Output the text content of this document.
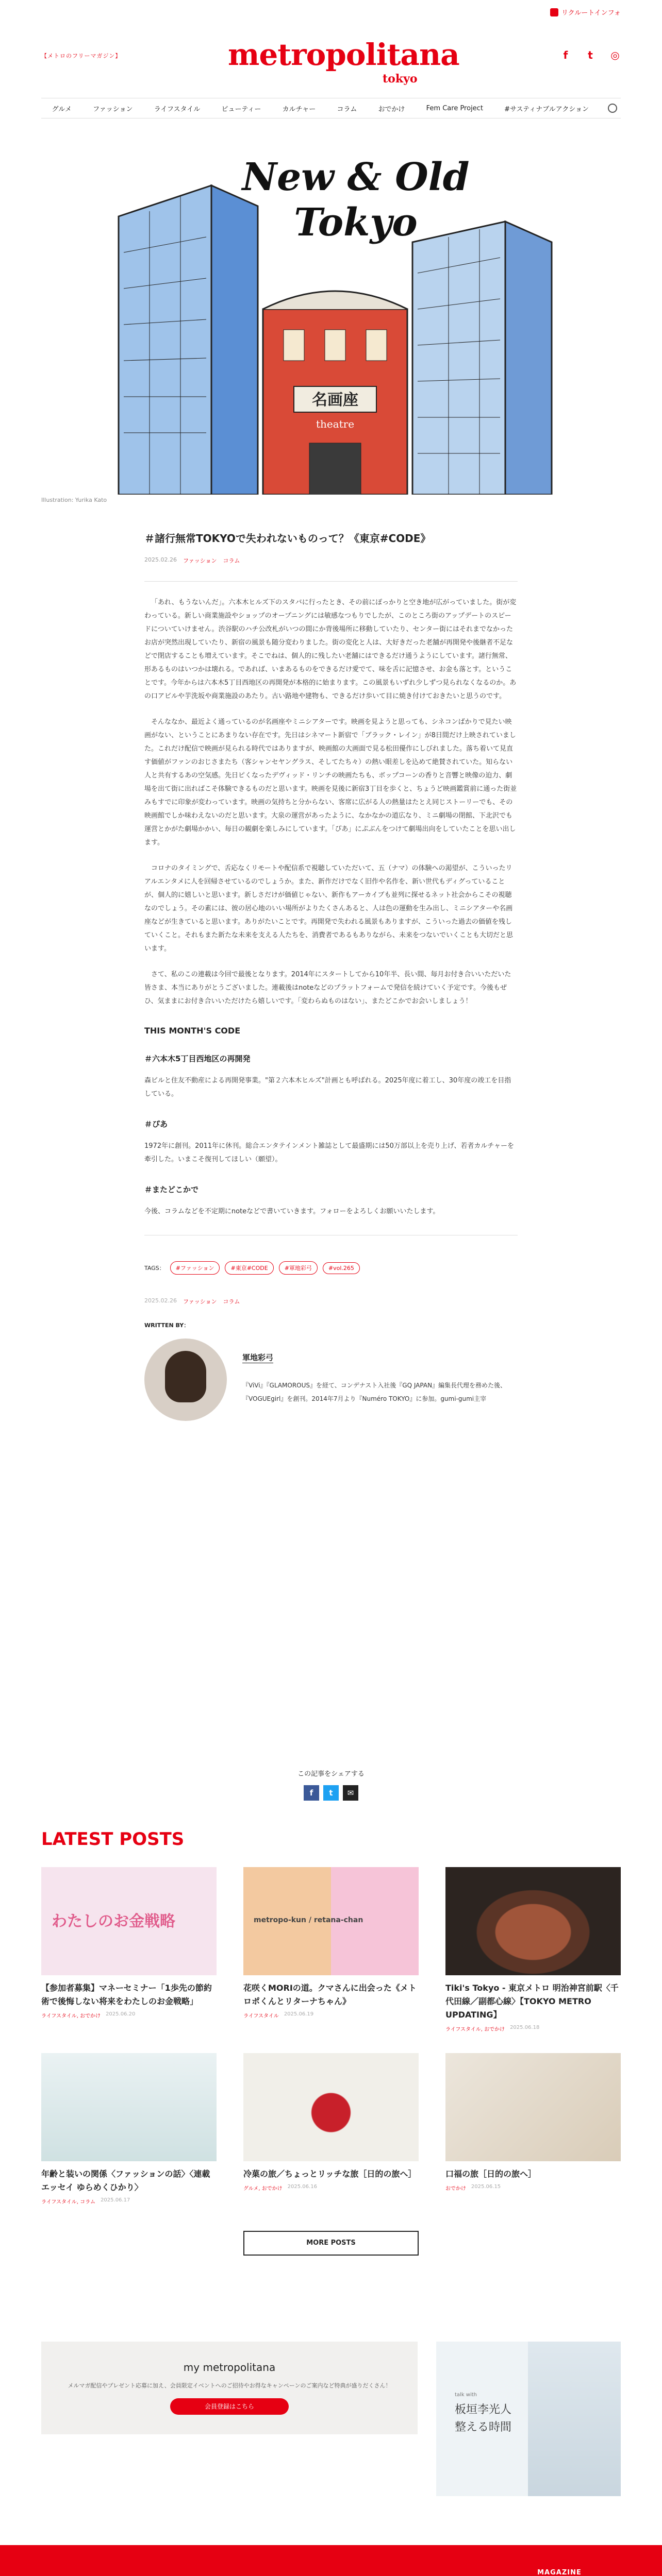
リクルートインフォ
【メトロのフリーマガジン】	metropolitana
tokyo
f	t	◎
グルメ	ファッション	ライフスタイル	ビューティー	カルチャー	コラム	おでかけ	Fem Care Project	#サスティナブルアクション
名画座
theatre
New & Old
Tokyo
Illustration: Yurika Kato
＃諸行無常TOKYOで失われないものって？《東京#CODE》
2025.02.26 ファッション コラム

「あれ、もうないんだ」。六本木ヒルズ下のスタバに行ったとき、その前にぽっかりと空き地が広がっていました。街が変わっている。新しい商業施設やショップのオープニングには敏感なつもりでしたが、このところ街のアップデートのスピードについていけません。渋谷駅のハチ公改札がいつの間にか背後場所に移動していたり、センター街にはそれまでなかったお店が突然出現していたり、新宿の風景も随分変わりました。街の変化と人は、大好きだった老舗が再開発や後継者不足などで閉店することも増えています。そこでねは、個人的に残したい老舗にはできるだけ通うようにしています。諸行無常、形あるものはいつかは壊れる。であれば、いまあるものをできるだけ愛でて、味を舌に記憶させ、お金も落とす。ということです。今年からは六本木5丁目西地区の再開発が本格的に始まります。この風景もいずれ少しずつ見られなくなるのか。あの口アビルや芋洗坂や商業施設のあたり。古い路地や建物も、できるだけ歩いて目に焼き付けておきたいと思うのです。

そんななか、最近よく通っているのが名画座やミニシアターです。映画を見ようと思っても、シネコンばかりで見たい映画がない、ということにあまりない存在です。先日はシネマート新宿で「ブラック・レイン」が8日間だけ上映されていました。これだけ配信で映画が見られる時代ではありますが、映画館の大画面で見る松田優作にしびれました。落ち着いて見直す価値がファンのおじさまたち（客シャンセヤングラス、そしてたち々）の熱い眼差しを込めて絶賛されていた。知らない人と共有するあの空気感。先日ピくなったデヴィッド・リンチの映画たちも、ボップコーンの香りと音響と映像の迫力、劇場を出て街に出ればこそ体験できるものだと思います。映画を見後に新宿3丁目を歩くと、ちょうど映画鑑賞前に通った街並みもすでに印象が変わっています。映画の気持ちと分からない、客席に広がる人の熱量はたとえ同じストーリーでも、その映画館でしか味わえないのだと思います。大泉の運営があったように、なかなかの道広なり、ミニ劇場の閉館、下北沢でも運営とかがた劇場かかい、毎日の観劇を楽しみにしています。「ぴあ」にぷぶんをつけて劇場出向をしていたことを思い出します。

コロナのタイミングで、舌応なくリモートや配信系で視聴していただいて、五（ナマ）の体験への渇望が、こういったリアルエンタメに人を回帰させているのでしょうか。また、新作だけでなく旧作や名作を、新い世代もディグっていることが、個人的に嬉しいと思います。新しさだけが価値じゃない、新作もアーカイブも並列に探せるネット社会からこその視聴なのでしょう。その素には、彼の居心地のいい場所がよりたくさんあると、人は色の運動を生み出し、ミニシアターや名画座などが生きていると思います。ありがたいことです。再開発で失われる風景もありますが、こういった過去の価値を残していくこと。それもまた新たな未来を支える人たちを、消費者であるもありながら、未来をつないでいくことも大切だと思います。

さて、私のこの連載は今回で最後となります。2014年にスタートしてから10年半、長い間、毎月お付き合いいただいた皆さま、本当にありがとうございました。連載後はnoteなどのプラットフォームで発信を続けていく予定です。今後もぜひ、気ままにお付き合いいただけたら嬉しいです。「変わらぬものはない」、またどこかでお会いしましょう！

THIS MONTH'S CODE
＃六本木5丁目西地区の再開発

森ビルと住友不動産による再開発事業。"第２六本木ヒルズ"計画とも呼ばれる。2025年度に着工し、30年度の竣工を目指している。

＃ぴあ

1972年に創刊。2011年に休刊。総合エンタテインメント雑誌として最盛期には50万部以上を売り上げ、若者カルチャーを牽引した。いまこそ復刊してほしい（願望）。

＃またどこかで

今後、コラムなどを不定期にnoteなどで書いていきます。フォローをよろしくお願いいたします。

TAGS：	#ファッション	#東京#CODE	#軍地彩弓	#vol.265
2025.02.26 ファッション コラム
WRITTEN BY：
軍地彩弓

『ViVi』『GLAMOROUS』を経て、コンデナスト入社後『GQ JAPAN』編集長代理を務めた後、『VOGUEgirl』を創刊。2014年7月より『Numéro TOKYO』に参加。gumi-gumi主宰

この記事をシェアする
f	t	✉
LATEST POSTS
わたしのお金戦略
【参加者募集】マネーセミナー「1歩先の節約術で後悔しない将来をわたしのお金戦略」
ライフスタイル, おでかけ 2025.06.20
metropo-kun / retana-chan
花咲くMORIの道。クマさんに出会った《メトロポくんとリターナちゃん》
ライフスタイル 2025.06.19
Tiki's Tokyo - 東京メトロ 明治神宮前駅〈千代田線／副都心線〉【TOKYO METRO UPDATING】
ライフスタイル, おでかけ 2025.06.18
年齢と装いの関係〈ファッションの話〉〈連載エッセイ ゆらめくひかり〉
ライフスタイル, コラム 2025.06.17
冷菓の旅／ちょっとリッチな旅［日的の旅へ］
グルメ, おでかけ 2025.06.16
口福の旅［日的の旅へ］
おでかけ 2025.06.15
MORE POSTS
my metropolitana
メルマガ配信やプレゼント応募に加え、会員限定イベントへのご招待やお得なキャンペーンのご案内など特典が盛りだくさん！
会員登録はこちら
talk with
板垣李光人
整える時間
MAGAZINE
